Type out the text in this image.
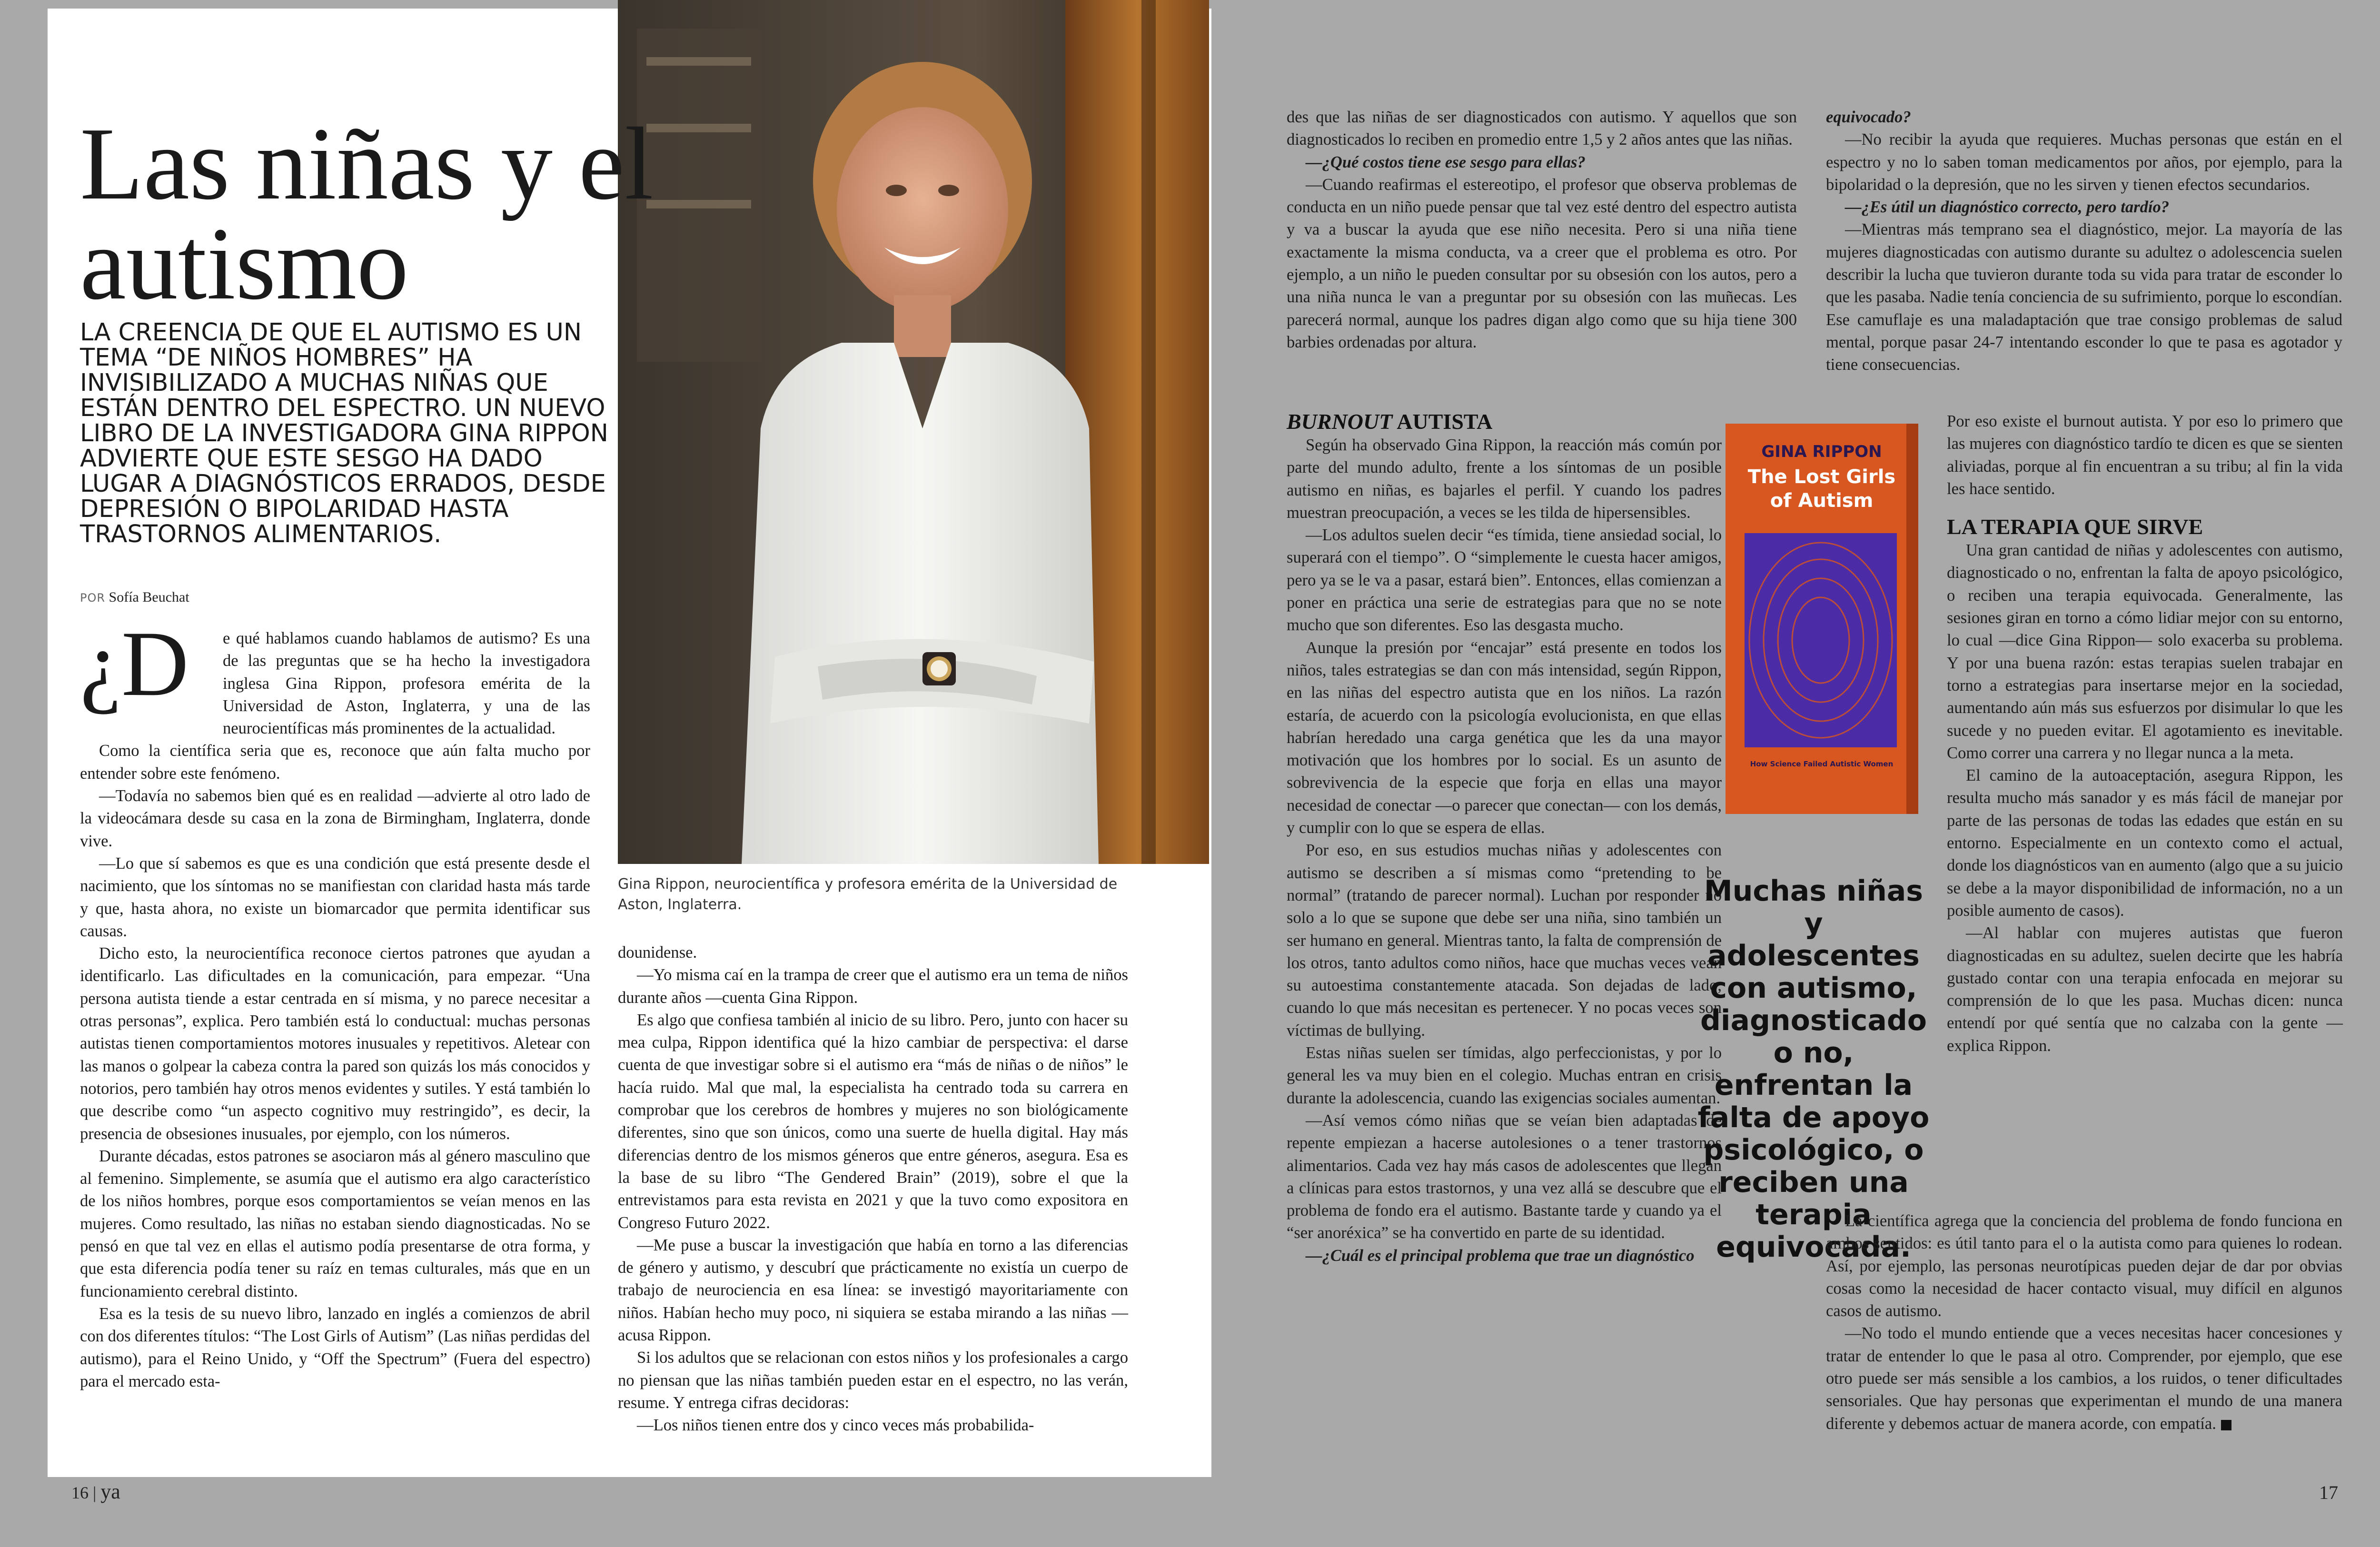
Gina Rippon, neurocientífica y profesora emérita de la Universidad de Aston, Inglaterra.
Las niñas y el autismo

LA CREENCIA DE QUE EL AUTISMO ES UN TEMA “DE NIÑOS HOMBRES” HA INVISIBILIZADO A MUCHAS NIÑAS QUE ESTÁN DENTRO DEL ESPECTRO. UN NUEVO LIBRO DE LA INVESTIGADORA GINA RIPPON ADVIERTE QUE ESTE SESGO HA DADO LUGAR A DIAGNÓSTICOS ERRADOS, DESDE DEPRESIÓN O BIPOLARIDAD HASTA TRASTORNOS ALIMENTARIOS.

POR Sofía Beuchat
¿D	e qué hablamos cuando hablamos de autismo? Es una de las preguntas que se ha hecho la investigadora inglesa Gina Rippon, profesora emérita de la Universidad de Aston, Inglaterra, y una de las neurocientíficas más prominentes de la actualidad.

Como la científica seria que es, reconoce que aún falta mucho por entender sobre este fenómeno.

—Todavía no sabemos bien qué es en realidad —advierte al otro lado de la videocámara desde su casa en la zona de Birmingham, Inglaterra, donde vive.

—Lo que sí sabemos es que es una condición que está presente desde el nacimiento, que los síntomas no se manifiestan con claridad hasta más tarde y que, hasta ahora, no existe un biomarcador que permita identificar sus causas.

Dicho esto, la neurocientífica reconoce ciertos patrones que ayudan a identificarlo. Las dificultades en la comunicación, para empezar. “Una persona autista tiende a estar centrada en sí misma, y no parece necesitar a otras personas”, explica. Pero también está lo conductual: muchas personas autistas tienen comportamientos motores inusuales y repetitivos. Aletear con las manos o golpear la cabeza contra la pared son quizás los más conocidos y notorios, pero también hay otros menos evidentes y sutiles. Y está también lo que describe como “un aspecto cognitivo muy restringido”, es decir, la presencia de obsesiones inusuales, por ejemplo, con los números.

Durante décadas, estos patrones se asociaron más al género masculino que al femenino. Simplemente, se asumía que el autismo era algo característico de los niños hombres, porque esos comportamientos se veían menos en las mujeres. Como resultado, las niñas no estaban siendo diagnosticadas. No se pensó en que tal vez en ellas el autismo podía presentarse de otra forma, y que esta diferencia podía tener su raíz en temas culturales, más que en un funcionamiento cerebral distinto.

Esa es la tesis de su nuevo libro, lanzado en inglés a comienzos de abril con dos diferentes títulos: “The Lost Girls of Autism” (Las niñas perdidas del autismo), para el Reino Unido, y “Off the Spectrum” (Fuera del espectro) para el mercado esta-

dounidense.

—Yo misma caí en la trampa de creer que el autismo era un tema de niños durante años —cuenta Gina Rippon.

Es algo que confiesa también al inicio de su libro. Pero, junto con hacer su mea culpa, Rippon identifica qué la hizo cambiar de perspectiva: el darse cuenta de que investigar sobre si el autismo era “más de niñas o de niños” le hacía ruido. Mal que mal, la especialista ha centrado toda su carrera en comprobar que los cerebros de hombres y mujeres no son biológicamente diferentes, sino que son únicos, como una suerte de huella digital. Hay más diferencias dentro de los mismos géneros que entre géneros, asegura. Esa es la base de su libro “The Gendered Brain” (2019), sobre el que la entrevistamos para esta revista en 2021 y que la tuvo como expositora en Congreso Futuro 2022.

—Me puse a buscar la investigación que había en torno a las diferencias de género y autismo, y descubrí que prácticamente no existía un cuerpo de trabajo de neurociencia en esa línea: se investigó mayoritariamente con niños. Habían hecho muy poco, ni siquiera se estaba mirando a las niñas —acusa Rippon.

Si los adultos que se relacionan con estos niños y los profesionales a cargo no piensan que las niñas también pueden estar en el espectro, no las verán, resume. Y entrega cifras decidoras:

—Los niños tienen entre dos y cinco veces más probabilida-

des que las niñas de ser diagnosticados con autismo. Y aquellos que son diagnosticados lo reciben en promedio entre 1,5 y 2 años antes que las niñas.

—¿Qué costos tiene ese sesgo para ellas?

—Cuando reafirmas el estereotipo, el profesor que observa problemas de conducta en un niño puede pensar que tal vez esté dentro del espectro autista y va a buscar la ayuda que ese niño necesita. Pero si una niña tiene exactamente la misma conducta, va a creer que el problema es otro. Por ejemplo, a un niño le pueden consultar por su obsesión con los autos, pero a una niña nunca le van a preguntar por su obsesión con las muñecas. Les parecerá normal, aunque los padres digan algo como que su hija tiene 300 barbies ordenadas por altura.

BURNOUT AUTISTA

Según ha observado Gina Rippon, la reacción más común por parte del mundo adulto, frente a los síntomas de un posible autismo en niñas, es bajarles el perfil. Y cuando los padres muestran preocupación, a veces se les tilda de hipersensibles.

—Los adultos suelen decir “es tímida, tiene ansiedad social, lo superará con el tiempo”. O “simplemente le cuesta hacer amigos, pero ya se le va a pasar, estará bien”. Entonces, ellas comienzan a poner en práctica una serie de estrategias para que no se note mucho que son diferentes. Eso las desgasta mucho.

Aunque la presión por “encajar” está presente en todos los niños, tales estrategias se dan con más intensidad, según Rippon, en las niñas del espectro autista que en los niños. La razón estaría, de acuerdo con la psicología evolucionista, en que ellas habrían heredado una carga genética que les da una mayor motivación que los hombres por lo social. Es un asunto de sobrevivencia de la especie que forja en ellas una mayor necesidad de conectar —o parecer que conectan— con los demás, y cumplir con lo que se espera de ellas.

Por eso, en sus estudios muchas niñas y adolescentes con autismo se describen a sí mismas como “pretending to be normal” (tratando de parecer normal). Luchan por responder no solo a lo que se supone que debe ser una niña, sino también un ser humano en general. Mientras tanto, la falta de comprensión de los otros, tanto adultos como niños, hace que muchas veces vean su autoestima constantemente atacada. Son dejadas de lado, cuando lo que más necesitan es pertenecer. Y no pocas veces son víctimas de bullying.

Estas niñas suelen ser tímidas, algo perfeccionistas, y por lo general les va muy bien en el colegio. Muchas entran en crisis durante la adolescencia, cuando las exigencias sociales aumentan.

—Así vemos cómo niñas que se veían bien adaptadas de repente empiezan a hacerse autolesiones o a tener trastornos alimentarios. Cada vez hay más casos de adolescentes que llegan a clínicas para estos trastornos, y una vez allá se descubre que el problema de fondo era el autismo. Bastante tarde y cuando ya el “ser anoréxica” se ha convertido en parte de su identidad.

—¿Cuál es el principal problema que trae un diagnóstico

GINA RIPPON
The Lost Girls
of Autism
How Science Failed Autistic Women
Muchas niñas y adolescentes con autismo, diagnosticado o no, enfrentan la falta de apoyo psicológico, o reciben una terapia equivocada.

equivocado?

—No recibir la ayuda que requieres. Muchas personas que están en el espectro y no lo saben toman medicamentos por años, por ejemplo, para la bipolaridad o la depresión, que no les sirven y tienen efectos secundarios.

—¿Es útil un diagnóstico correcto, pero tardío?

—Mientras más temprano sea el diagnóstico, mejor. La mayoría de las mujeres diagnosticadas con autismo durante su adultez o adolescencia suelen describir la lucha que tuvieron durante toda su vida para tratar de esconder lo que les pasaba. Nadie tenía conciencia de su sufrimiento, porque lo escondían. Ese camuflaje es una maladaptación que trae consigo problemas de salud mental, porque pasar 24-7 intentando esconder lo que te pasa es agotador y tiene consecuencias.

Por eso existe el burnout autista. Y por eso lo primero que las mujeres con diagnóstico tardío te dicen es que se sienten aliviadas, porque al fin encuentran a su tribu; al fin la vida les hace sentido.

LA TERAPIA QUE SIRVE

Una gran cantidad de niñas y adolescentes con autismo, diagnosticado o no, enfrentan la falta de apoyo psicológico, o reciben una terapia equivocada. Generalmente, las sesiones giran en torno a cómo lidiar mejor con su entorno, lo cual —dice Gina Rippon— solo exacerba su problema. Y por una buena razón: estas terapias suelen trabajar en torno a estrategias para insertarse mejor en la sociedad, aumentando aún más sus esfuerzos por disimular lo que les sucede y no pueden evitar. El agotamiento es inevitable. Como correr una carrera y no llegar nunca a la meta.

El camino de la autoaceptación, asegura Rippon, les resulta mucho más sanador y es más fácil de manejar por parte de las personas de todas las edades que están en su entorno. Especialmente en un contexto como el actual, donde los diagnósticos van en aumento (algo que a su juicio se debe a la mayor disponibilidad de información, no a un posible aumento de casos).

—Al hablar con mujeres autistas que fueron diagnosticadas en su adultez, suelen decirte que les habría gustado contar con una terapia enfocada en mejorar su comprensión de lo que les pasa. Muchas dicen: nunca entendí por qué sentía que no calzaba con la gente —explica Rippon.

La científica agrega que la conciencia del problema de fondo funciona en ambos sentidos: es útil tanto para el o la autista como para quienes lo rodean. Así, por ejemplo, las personas neurotípicas pueden dejar de dar por obvias cosas como la necesidad de hacer contacto visual, muy difícil en algunos casos de autismo.

—No todo el mundo entiende que a veces necesitas hacer concesiones y tratar de entender lo que le pasa al otro. Comprender, por ejemplo, que ese otro puede ser más sensible a los cambios, a los ruidos, o tener dificultades sensoriales. Que hay personas que experimentan el mundo de una manera diferente y debemos actuar de manera acorde, con empatía.

16 | ya	17
